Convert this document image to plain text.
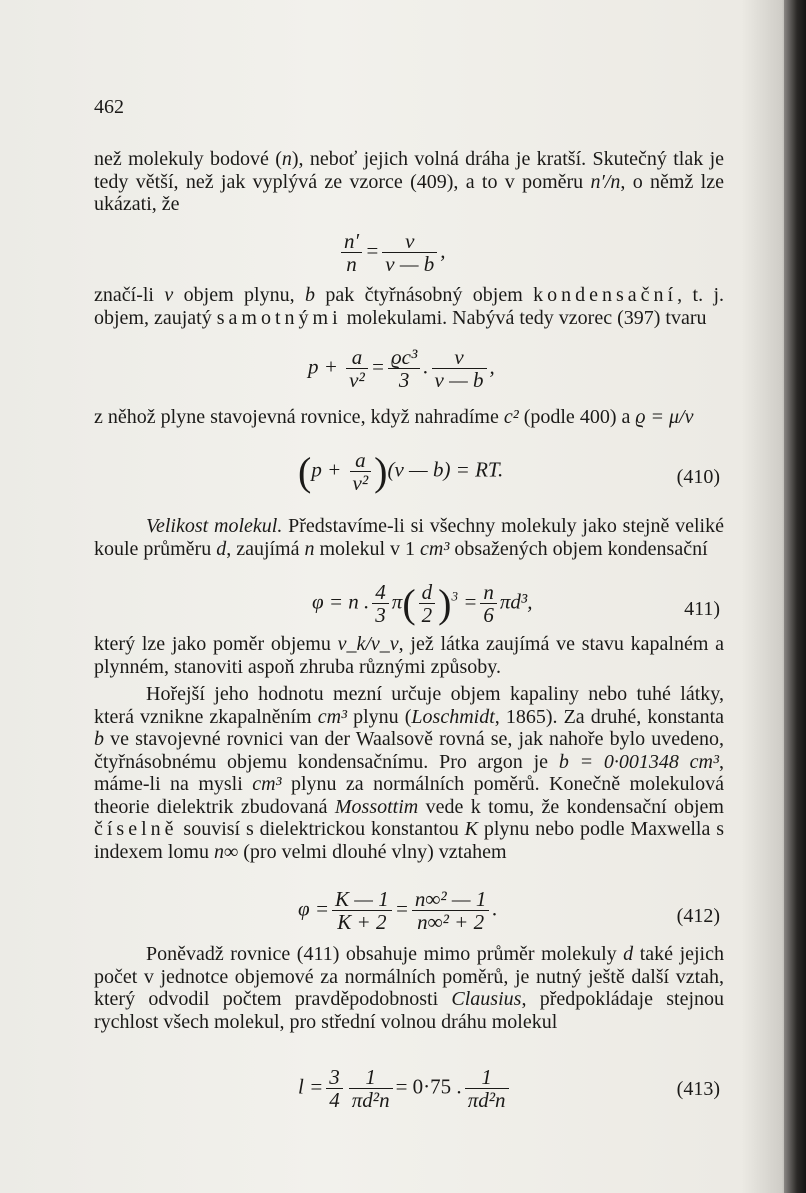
462
než molekuly bodové (n), neboť jejich volná dráha je kratší. Skutečný tlak je tedy větší, než jak vyplývá ze vzorce (409), a to v poměru n′/n, o němž lze ukázati, že
$\frac{n'}{n} = \frac{v}{v — b}$ ,
značí-li v objem plynu, b pak čtyřnásobný objem kondensační, t. j. objem, zaujatý samotnými molekulami. Nabývá tedy vzorec (397) tvaru
$p + \frac{a}{\text{v²}} = \frac{\text{ϱc³}}{3}$ . $\frac{v}{v — b}$ ,
z něhož plyne stavojevná rovnice, když nahradíme c² (podle 400) a ϱ = μ/v
$(p + \frac{a}{\text{v²}} )(v$ — b) = RT.	(410)
Velikost molekul. Představíme-li si všechny molekuly jako stejně veliké koule průměru d, zaujímá n molekul v 1 cm³ obsažených objem kondensační
φ = n . $\frac{4}{3} \pi( \frac{d}{2} )^3 = \frac{n}{6} \pi d^3$,	411)
který lze jako poměr objemu v_k/v_v, jež látka zaujímá ve stavu kapalném a plynném, stanoviti aspoň zhruba různými způsoby.
Hořejší jeho hodnotu mezní určuje objem kapaliny nebo tuhé látky, která vznikne zkapalněním cm³ plynu (Loschmidt, 1865). Za druhé, konstanta b ve stavojevné rovnici van der Waalsově rovná se, jak nahoře bylo uvedeno, čtyřnásobnému objemu kondensačnímu. Pro argon je b = 0·001348 cm³, máme-li na mysli cm³ plynu za normálních poměrů. Konečně molekulová theorie dielektrik zbudovaná Mossottim vede k tomu, že kondensační objem číselně souvisí s dielektrickou konstantou K plynu nebo podle Maxwella s indexem lomu n∞ (pro velmi dlouhé vlny) vztahem
$\varphi = \frac{K — 1}{K + 2} = \frac{\text{n∞² — 1}}{\text{n∞² + 2}}$ .	(412)
Poněvadž rovnice (411) obsahuje mimo průměr molekuly d také jejich počet v jednotce objemové za normálních poměrů, je nutný ještě další vztah, který odvodil počtem pravděpodobnosti Clausius, předpokládaje stejnou rychlost všech molekul, pro střední volnou dráhu molekul
$l = \frac{3}{4} \frac{1}{\text{πd²n}} = 0\cdot 75$ . $\frac{1}{\text{πd²n}}$	(413)
